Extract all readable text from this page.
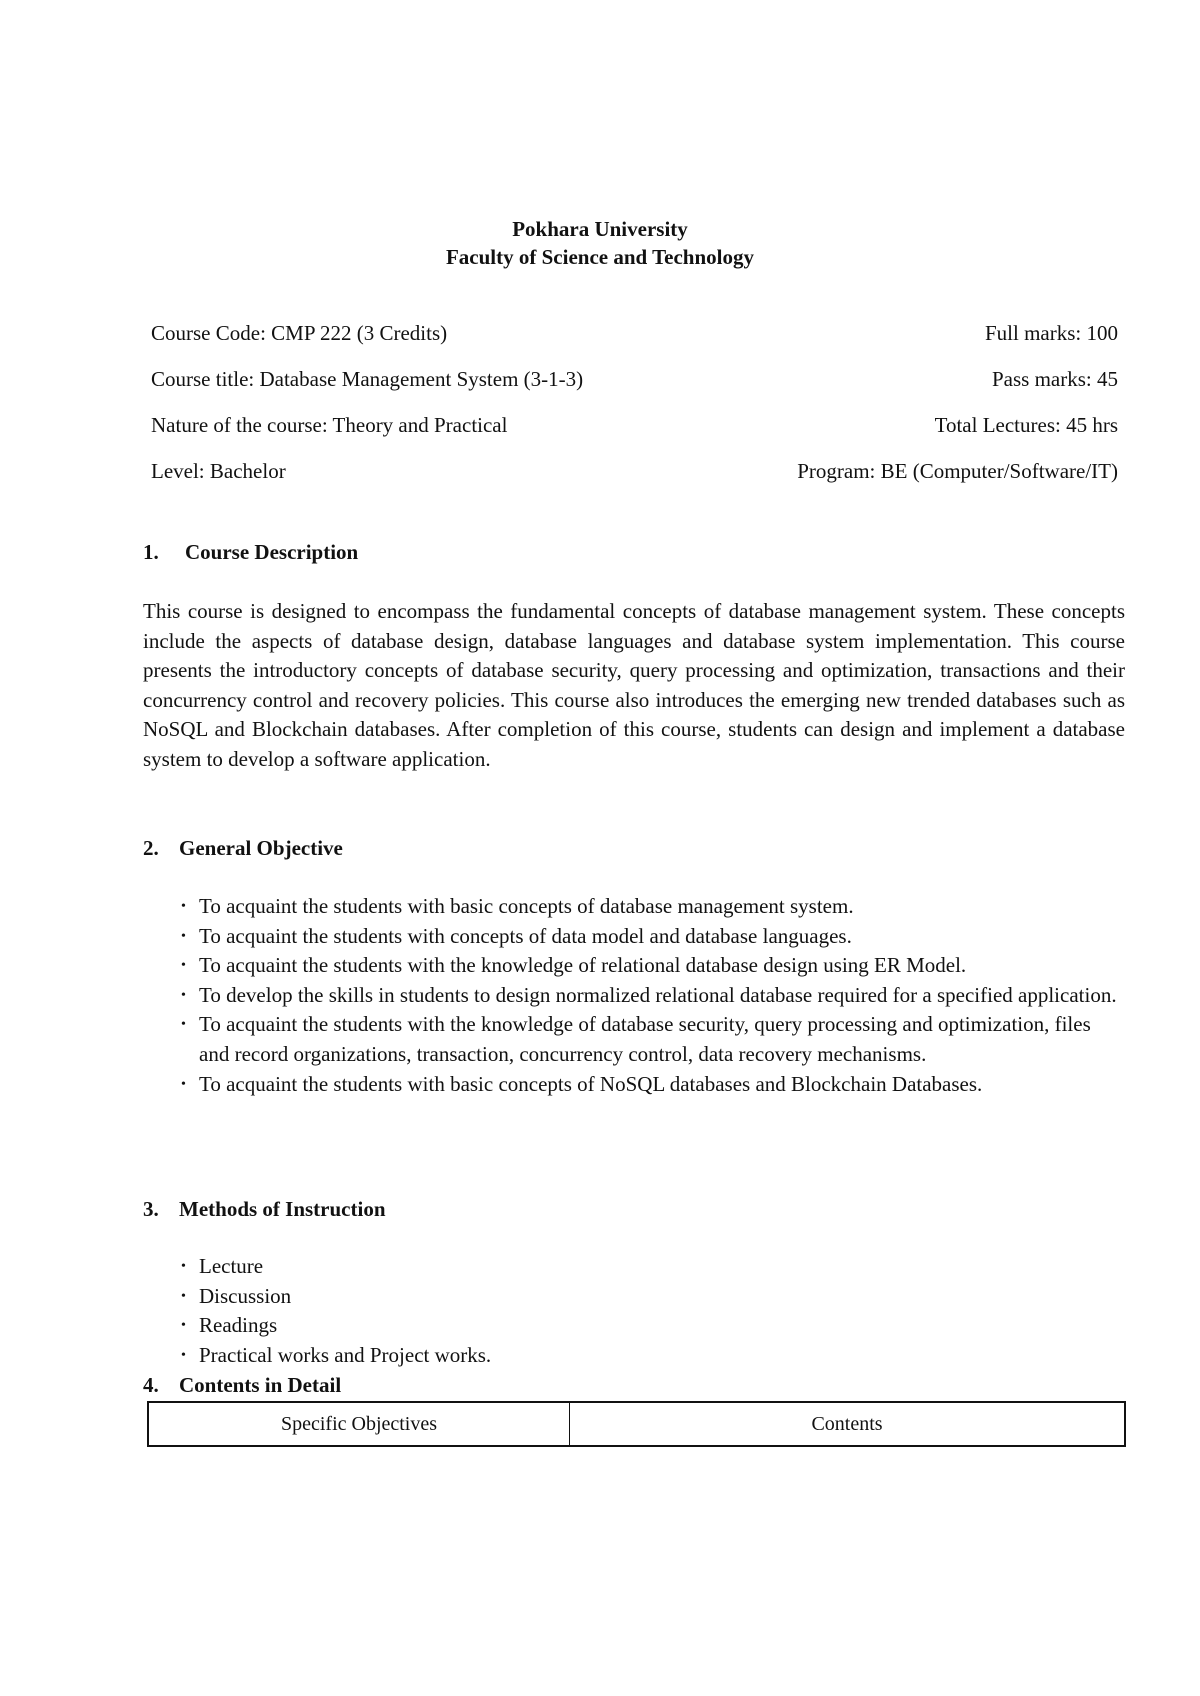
Pokhara University
Faculty of Science and Technology
Course Code: CMP 222 (3 Credits)	Full marks: 100
Course title: Database Management System (3-1-3)	Pass marks: 45
Nature of the course: Theory and Practical	Total Lectures: 45 hrs
Level: Bachelor	Program: BE (Computer/Software/IT)
1. Course Description
This course is designed to encompass the fundamental concepts of database management system. These concepts include the aspects of database design, database languages and database system implementation. This course presents the introductory concepts of database security, query processing and optimization, transactions and their concurrency control and recovery policies. This course also introduces the emerging new trended databases such as NoSQL and Blockchain databases. After completion of this course, students can design and implement a database system to develop a software application.
2. General Objective
• To acquaint the students with basic concepts of database management system.
• To acquaint the students with concepts of data model and database languages.
• To acquaint the students with the knowledge of relational database design using ER Model.
• To develop the skills in students to design normalized relational database required for a specified application.
• To acquaint the students with the knowledge of database security, query processing and optimization, files and record organizations, transaction, concurrency control, data recovery mechanisms.
• To acquaint the students with basic concepts of NoSQL databases and Blockchain Databases.
3. Methods of Instruction
• Lecture
• Discussion
• Readings
• Practical works and Project works.
4. Contents in Detail
Specific Objectives	Contents
